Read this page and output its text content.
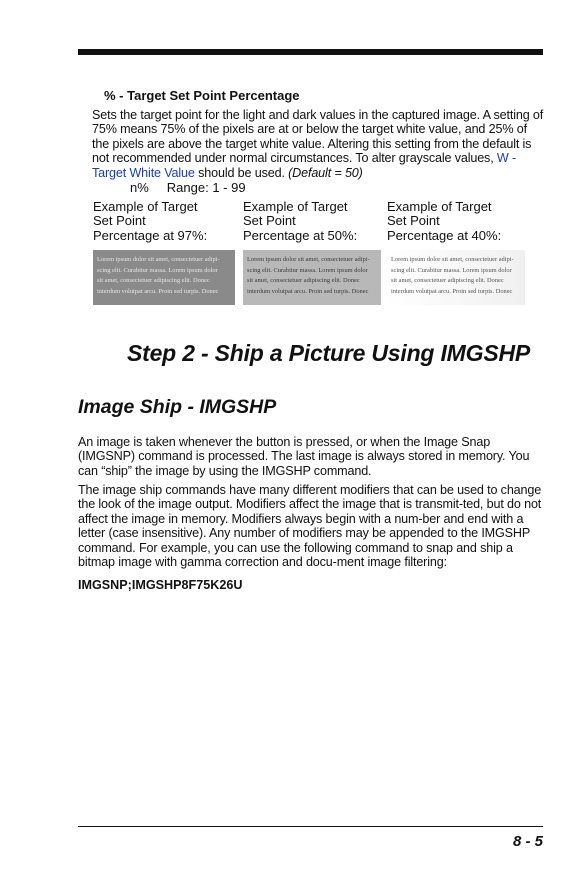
% - Target Set Point Percentage
Sets the target point for the light and dark values in the captured image. A setting of 75% means 75% of the pixels are at or below the target white value, and 25% of the pixels are above the target white value. Altering this setting from the default is not recommended under normal circumstances. To alter grayscale values, W - Target White Value should be used. (Default = 50)
n% Range: 1 - 99
Example of Target
Set Point
Percentage at 97%:
Example of Target
Set Point
Percentage at 50%:
Example of Target
Set Point
Percentage at 40%:
Lorem ipsum dolor sit amet, consectetuer adipi-
scing elit. Curabitur massa. Lorem ipsum dolor
sit amet, consectetuer adipiscing elit. Donec
interdum volutpat arcu. Proin sed turpis. Donec
Lorem ipsum dolor sit amet, consectetuer adipi-
scing elit. Curabitur massa. Lorem ipsum dolor
sit amet, consectetuer adipiscing elit. Donec
interdum volutpat arcu. Proin sed turpis. Donec
Lorem ipsum dolor sit amet, consectetuer adipi-
scing elit. Curabitur massa. Lorem ipsum dolor
sit amet, consectetuer adipiscing elit. Donec
interdum volutpat arcu. Proin sed turpis. Donec
Step 2 - Ship a Picture Using IMGSHP
Image Ship - IMGSHP
An image is taken whenever the button is pressed, or when the Image Snap (IMGSNP) command is processed. The last image is always stored in memory. You can “ship” the image by using the IMGSHP command.
The image ship commands have many different modifiers that can be used to change the look of the image output. Modifiers affect the image that is transmit-ted, but do not affect the image in memory. Modifiers always begin with a num-ber and end with a letter (case insensitive). Any number of modifiers may be appended to the IMGSHP command. For example, you can use the following command to snap and ship a bitmap image with gamma correction and docu-ment image filtering:
IMGSNP;IMGSHP8F75K26U
8 - 5
